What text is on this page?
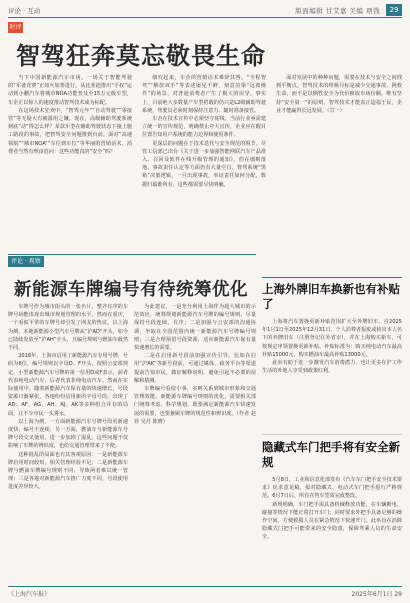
评论 · 互动	版面编辑 甘艾嘉 美编 项钱	29
时评
智驾狂奔莫忘敬畏生命

当下中国新能源汽车市场，一场关于智能驾驶的“军备竞赛”正如火如荼进行。从比亚迪推出“平权”运动到小鹏汽车将城市NOA功能普及至15万元级车型，车企正以惊人的速度推动智驾技术成为标配。

在这场技术狂欢中，“智驾元年”“自动驾驶”“零接管”等无疑大有被滥用之嫌。现在，高级辅助驾驶系统到底“动”得怎么样？某款车型在辅助驾驶状态下撞上施工路段的事故，把智驾安全问题推到台前。面对“高速领航”“城市NOA”“车位到车位”等华丽的营销话术，消费者当然有理由追问：这些功能真的“安全”吗？

细究起来，车企的营销话术难辞其咎。“全程智驾”“解放双手”等表述屡见不鲜，刻意渲染“远离操作”的场景，对普通消费者产生了极大的误导。事实上，目前绝大多数量产车型搭载的仍只是L2级辅助驾驶系统，驾驶员必须时刻保持注意力、随时准备接管。

车企在技术宣传中必须坚守底线。当前行业亟需建立统一的宣传规范，明确禁止夸大宣传，企业应在醒目位置告知用户系统的能力边界和使用条件。

更深层的问题在于技术迭代与安全规范的脱节。尽管工信部已出台《关于进一步加强智能网联汽车产品准入、召回及软件在线升级管理的通知》，但在细则落地、事故责任认定等方面仍有大量空白。智驾系统“黑箱”决策逻辑，一旦出现事故，举证责任如何分配，数据归属谁所有，这些都需要尽快明确。

面对发展中的种种问题，需要在技术与安全之间找到平衡点。智驾技术的终极目标是减少交通事故、挽救生命，而不是以牺牲安全为代价换取市场份额。唯有坚持“安全第一”的原则，智驾技术才能真正造福于民，企业才能赢得长远发展。（甘一）

评论 · 观察
新能源车牌编号有待统筹优化

车牌号作为城市街头的一张名片，整齐有序的车牌号码能体现出城市规划管理的水平。然而在重庆，一个看似平常的车牌号却引发了网友的热议。以上海为例，本地新能源小型汽车号牌从“沪AD”开头，如今已陆续发放至“沪AH”字头，且编号规则与燃油车截然不同。

2016年，上海市启用了新能源汽车专用号牌，号码为6位，编号规则以字母D、F开头。按照公安部规定，小型新能源汽车号牌的第一位用D或F表示，前者代表纯电动汽车，后者代表非纯电动汽车。然而在实际使用中，随着新能源汽车保有量的快速增长，号段资源日渐紧张，各地纷纷启用新的字母号段，出现了AD、AF、AG、AH、AJ、AK等多种组合并存的局面，让不少市民一头雾水。

以上海为例，一方面新能源汽车号牌号段更新速度快、编号不连续；另一方面，燃油车与新能源车号牌号段交叉使用，进一步加剧了混乱。这些问题不仅影响了车牌的辨识度，也给交通管理带来了不便。

这种混乱的局面也有其客观原因：一是新能源车牌启用时间较短，相关管理经验不足；二是新能源车牌与燃油车牌编号规则不同，导致两者难以统一管理；三是各地对新能源汽车推广力度不同，号段使用进度差异较大。

为此建议，一是充分利用上海作为超大城市的示范效应，统筹规划新能源汽车号牌的编号规则，尽量保持号段连续、有序；二是加强与公安部的沟通协调，争取在全国范围内统一新能源汽车号牌编号规则；三是合理预留号段资源，适应新能源汽车保有量快速增长的需要。

二是在启用新号段前加强宣传引导。比如在启用“沪AK”等新号段前，可通过媒体、政务平台等渠道提前告知市民，做好解释说明，避免引起不必要的误解和猜测。

车牌编号看似小事，实则关系到城市形象和交通管理效能。新能源车牌编号规则的优化，需要相关部门统筹考虑、科学规划，既要满足新能源汽车快速发展的需要，也要兼顾车牌的规范性和辨识度。（作者 赵铨 吴丹 陈晓）

上海外牌旧车换新也有补贴了

上海将汽车置换更新补贴范围扩大至外牌旧车。自2025年1月1日至2025年12月31日，个人消费者报废或转出本人名下的外牌旧车（注册登记在外省市），并在上海购买新车，可按规定申领置换更新补贴。补贴标准为：购买纯电动汽车最高补贴15000元，购买燃油车最高补贴13000元。

此举有助于进一步激发汽车消费潜力，也让更多在沪工作生活的外地人享受到政策红利。

隐藏式车门把手将有安全新规

5月8日，工业和信息化部发布《汽车车门把手安全技术要求》征求意见稿，拟对隐藏式、电动式车门把手进行严格规范。6月7日后，所有在售车型需完成整改。

新规明确，车门把手需具备机械释放功能，在车辆断电、碰撞等情况下能正常打开车门；同时要求外把手具备足够的操作空间，方便救援人员在紧急情况下快速开门。此举旨在消除隐藏式门把手可能带来的安全隐患，保障驾乘人员的生命安全。

《上海汽车报》	2025年6月1日 29
